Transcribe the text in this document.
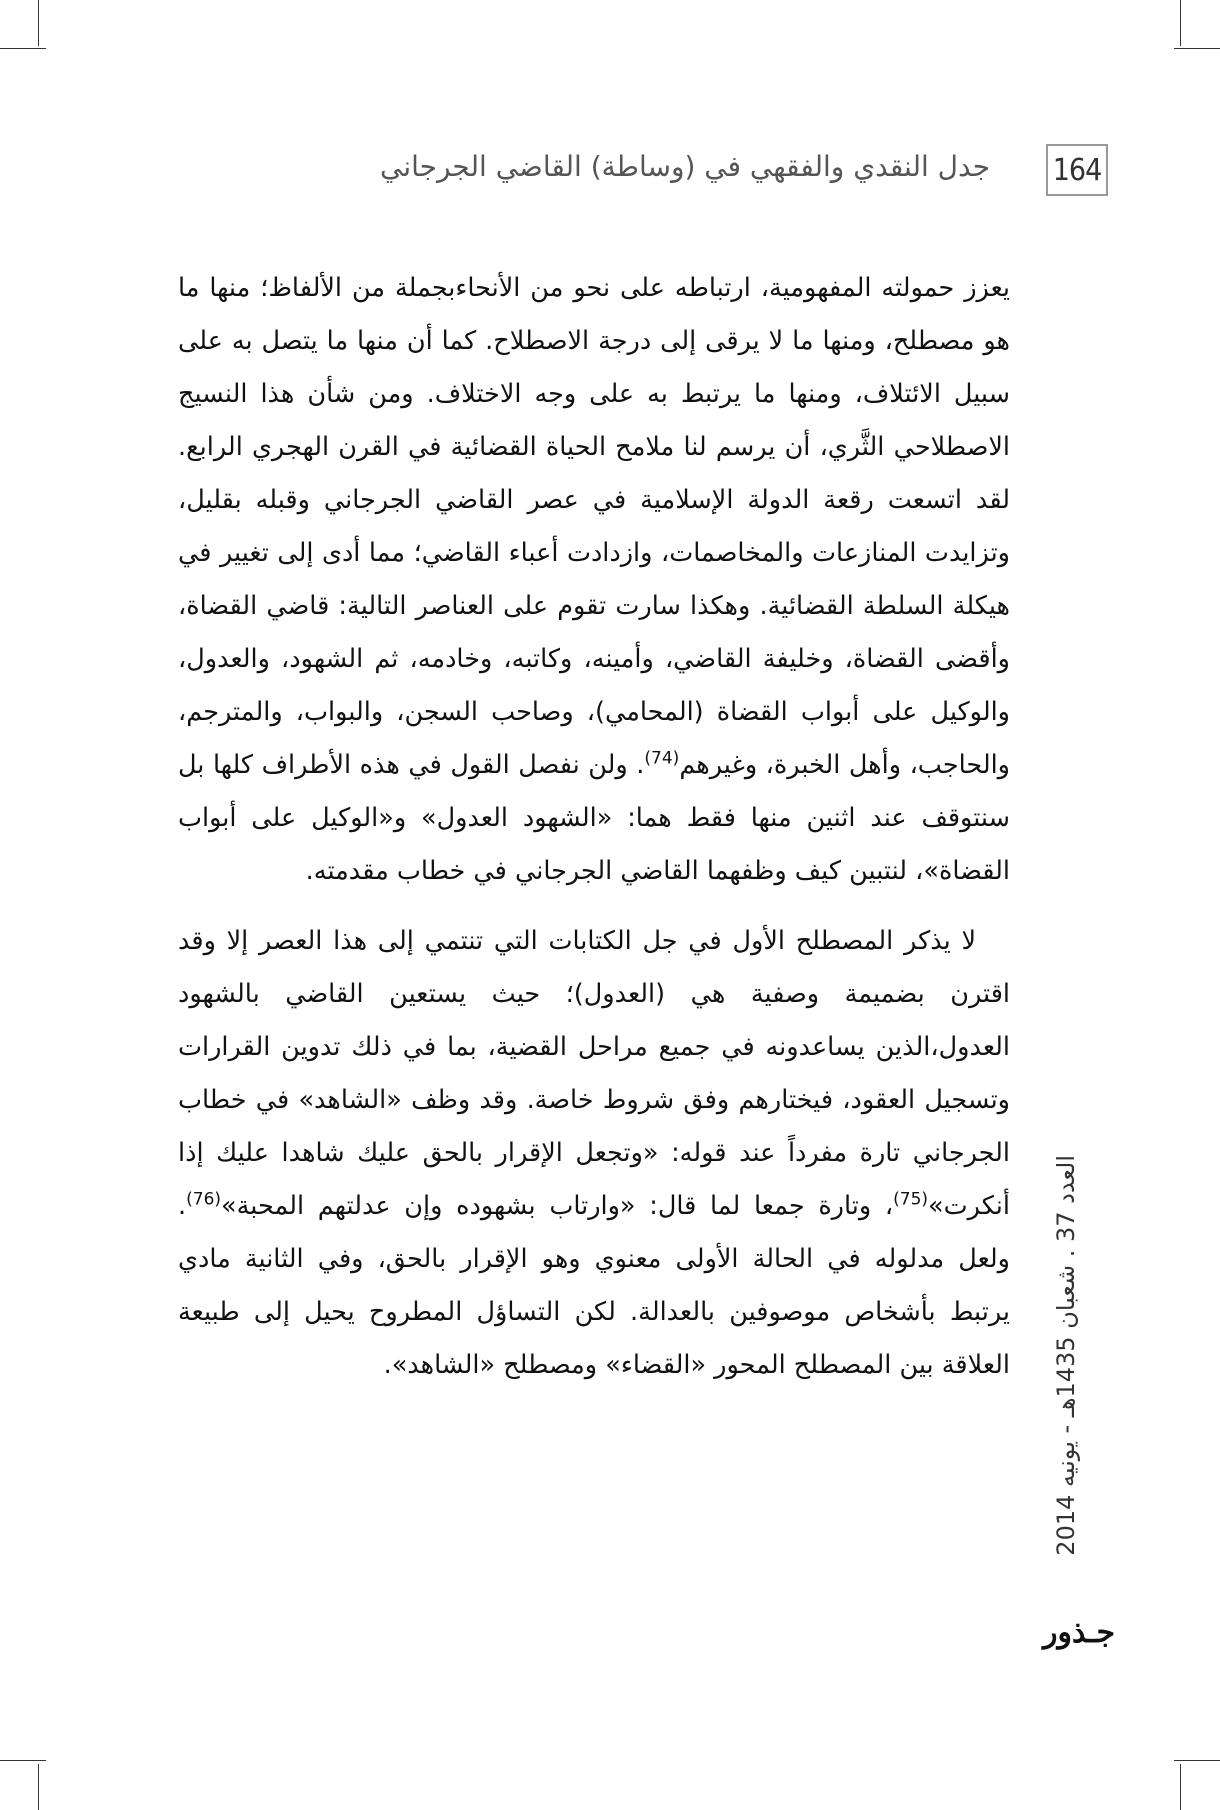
164
جدل النقدي والفقهي في (وساطة) القاضي الجرجاني

يعزز حمولته المفهومية، ارتباطه على نحو من الأنحاءبجملة من الألفاظ؛ منها ما هو مصطلح، ومنها ما لا يرقى إلى درجة الاصطلاح. كما أن منها ما يتصل به على سبيل الائتلاف، ومنها ما يرتبط به على وجه الاختلاف. ومن شأن هذا النسيج الاصطلاحي الثَّري، أن يرسم لنا ملامح الحياة القضائية في القرن الهجري الرابع. لقد اتسعت رقعة الدولة الإسلامية في عصر القاضي الجرجاني وقبله بقليل، وتزايدت المنازعات والمخاصمات، وازدادت أعباء القاضي؛ مما أدى إلى تغيير في هيكلة السلطة القضائية. وهكذا سارت تقوم على العناصر التالية: قاضي القضاة، وأقضى القضاة، وخليفة القاضي، وأمينه، وكاتبه، وخادمه، ثم الشهود، والعدول، والوكيل على أبواب القضاة (المحامي)، وصاحب السجن، والبواب، والمترجم، والحاجب، وأهل الخبرة، وغيرهم$^{(74)}$. ولن نفصل القول في هذه الأطراف كلها بل سنتوقف عند اثنين منها فقط هما: «الشهود العدول» و«الوكيل على أبواب القضاة»، لنتبين كيف وظفهما القاضي الجرجاني في خطاب مقدمته.

لا يذكر المصطلح الأول في جل الكتابات التي تنتمي إلى هذا العصر إلا وقد اقترن بضميمة وصفية هي (العدول)؛ حيث يستعين القاضي بالشهود العدول،الذين يساعدونه في جميع مراحل القضية، بما في ذلك تدوين القرارات وتسجيل العقود، فيختارهم وفق شروط خاصة. وقد وظف «الشاهد» في خطاب الجرجاني تارة مفرداً عند قوله: «وتجعل الإقرار بالحق عليك شاهدا عليك إذا أنكرت»$^{(75)}$، وتارة جمعا لما قال: «وارتاب بشهوده وإن عدلتهم المحبة»$^{(76)}$. ولعل مدلوله في الحالة الأولى معنوي وهو الإقرار بالحق، وفي الثانية مادي يرتبط بأشخاص موصوفين بالعدالة. لكن التساؤل المطروح يحيل إلى طبيعة العلاقة بين المصطلح المحور «القضاء» ومصطلح «الشاهد».

العدد 37 . شعبان 1435هـ - يونيه 2014
جـذور
